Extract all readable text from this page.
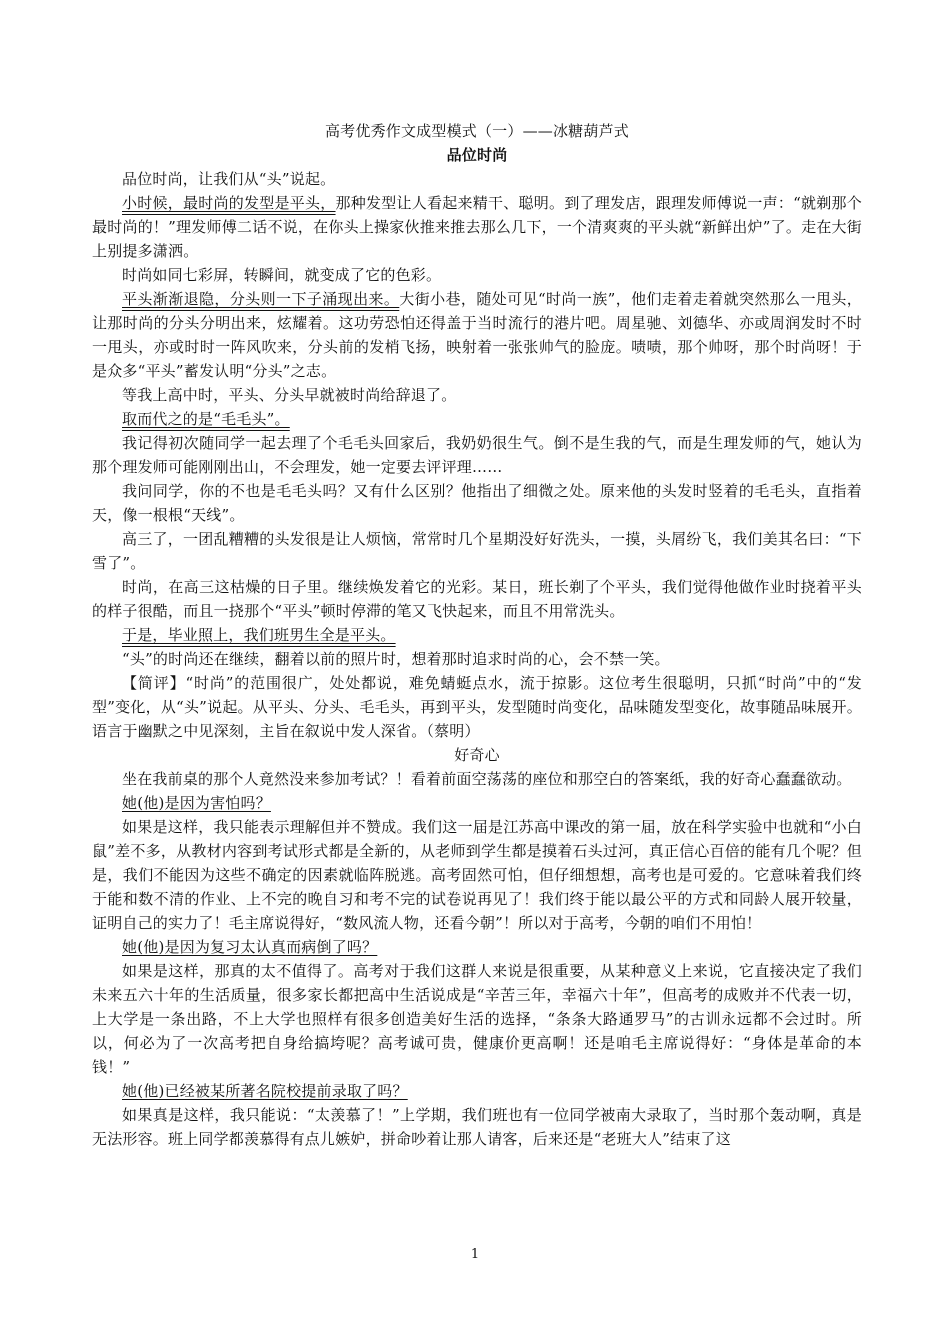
高考优秀作文成型模式（一）——冰糖葫芦式

品位时尚

品位时尚，让我们从“头”说起。

小时候，最时尚的发型是平头，那种发型让人看起来精干、聪明。到了理发店，跟理发师傅说一声：“就剃那个最时尚的！”理发师傅二话不说，在你头上操家伙推来推去那么几下，一个清爽爽的平头就“新鲜出炉”了。走在大街上别提多潇洒。

时尚如同七彩屏，转瞬间，就变成了它的色彩。

平头渐渐退隐，分头则一下子涌现出来。大街小巷，随处可见“时尚一族”，他们走着走着就突然那么一甩头，让那时尚的分头分明出来，炫耀着。这功劳恐怕还得盖于当时流行的港片吧。周星驰、刘德华、亦或周润发时不时一甩头，亦或时时一阵风吹来，分头前的发梢飞扬，映射着一张张帅气的脸庞。啧啧，那个帅呀，那个时尚呀！于是众多“平头”蓄发认明“分头”之志。

等我上高中时，平头、分头早就被时尚给辞退了。

取而代之的是“毛毛头”。

我记得初次随同学一起去理了个毛毛头回家后，我奶奶很生气。倒不是生我的气，而是生理发师的气，她认为那个理发师可能刚刚出山，不会理发，她一定要去评评理……

我问同学，你的不也是毛毛头吗？又有什么区别？他指出了细微之处。原来他的头发时竖着的毛毛头，直指着天，像一根根“天线”。

高三了，一团乱糟糟的头发很是让人烦恼，常常时几个星期没好好洗头，一摸，头屑纷飞，我们美其名曰：“下雪了”。

时尚，在高三这枯燥的日子里。继续焕发着它的光彩。某日，班长剃了个平头，我们觉得他做作业时挠着平头的样子很酷，而且一挠那个“平头”顿时停滞的笔又飞快起来，而且不用常洗头。

于是，毕业照上，我们班男生全是平头。

“头”的时尚还在继续，翻着以前的照片时，想着那时追求时尚的心，会不禁一笑。

【简评】“时尚”的范围很广，处处都说，难免蜻蜓点水，流于掠影。这位考生很聪明，只抓“时尚”中的“发型”变化，从“头”说起。从平头、分头、毛毛头，再到平头，发型随时尚变化，品味随发型变化，故事随品味展开。语言于幽默之中见深刻，主旨在叙说中发人深省。（蔡明）

好奇心

坐在我前桌的那个人竟然没来参加考试？！看着前面空荡荡的座位和那空白的答案纸，我的好奇心蠢蠢欲动。

她(他)是因为害怕吗？

如果是这样，我只能表示理解但并不赞成。我们这一届是江苏高中课改的第一届，放在科学实验中也就和“小白鼠”差不多，从教材内容到考试形式都是全新的，从老师到学生都是摸着石头过河，真正信心百倍的能有几个呢？但是，我们不能因为这些不确定的因素就临阵脱逃。高考固然可怕，但仔细想想，高考也是可爱的。它意味着我们终于能和数不清的作业、上不完的晚自习和考不完的试卷说再见了！我们终于能以最公平的方式和同龄人展开较量，证明自己的实力了！毛主席说得好，“数风流人物，还看今朝”！所以对于高考，今朝的咱们不用怕！

她(他)是因为复习太认真而病倒了吗？

如果是这样，那真的太不值得了。高考对于我们这群人来说是很重要，从某种意义上来说，它直接决定了我们未来五六十年的生活质量，很多家长都把高中生活说成是“辛苦三年，幸福六十年”，但高考的成败并不代表一切，上大学是一条出路，不上大学也照样有很多创造美好生活的选择，“条条大路通罗马”的古训永远都不会过时。所以，何必为了一次高考把自身给搞垮呢？高考诚可贵，健康价更高啊！还是咱毛主席说得好：“身体是革命的本钱！”

她(他)已经被某所著名院校提前录取了吗？

如果真是这样，我只能说：“太羡慕了！”上学期，我们班也有一位同学被南大录取了，当时那个轰动啊，真是无法形容。班上同学都羡慕得有点儿嫉妒，拼命吵着让那人请客，后来还是“老班大人”结束了这

1
